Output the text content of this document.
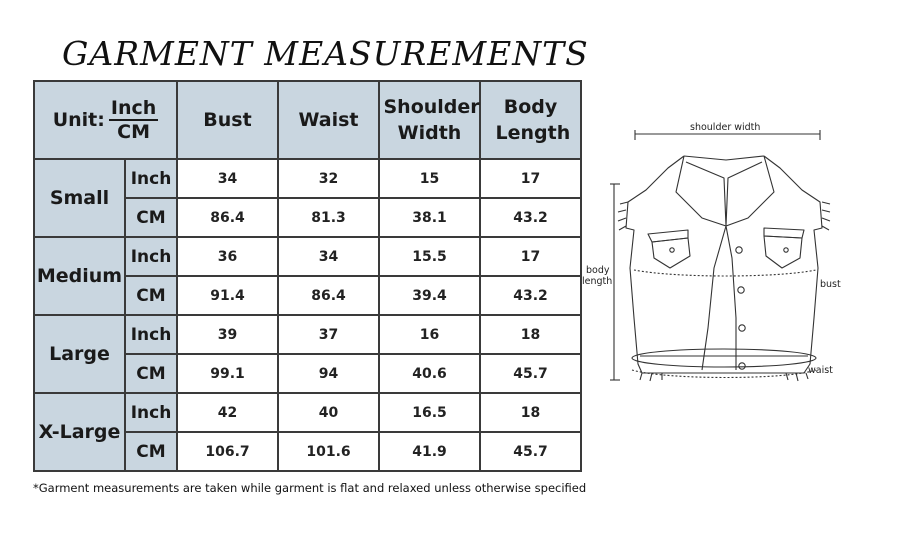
GARMENT MEASUREMENTS
Unit: $\frac{\text{Inch}}{CM}$		Bust	Waist	Shoulder Width	Body Length
Small	Inch	34	32	15	17
	CM	86.4	81.3	38.1	43.2
Medium	Inch	36	34	15.5	17
	CM	91.4	86.4	39.4	43.2
Large	Inch	39	37	16	18
	CM	99.1	94	40.6	45.7
X-Large	Inch	42	40	16.5	18
	CM	106.7	101.6	41.9	45.7
*Garment measurements are taken while garment is flat and relaxed unless otherwise specified
shoulder width
body
length	bust
waist
